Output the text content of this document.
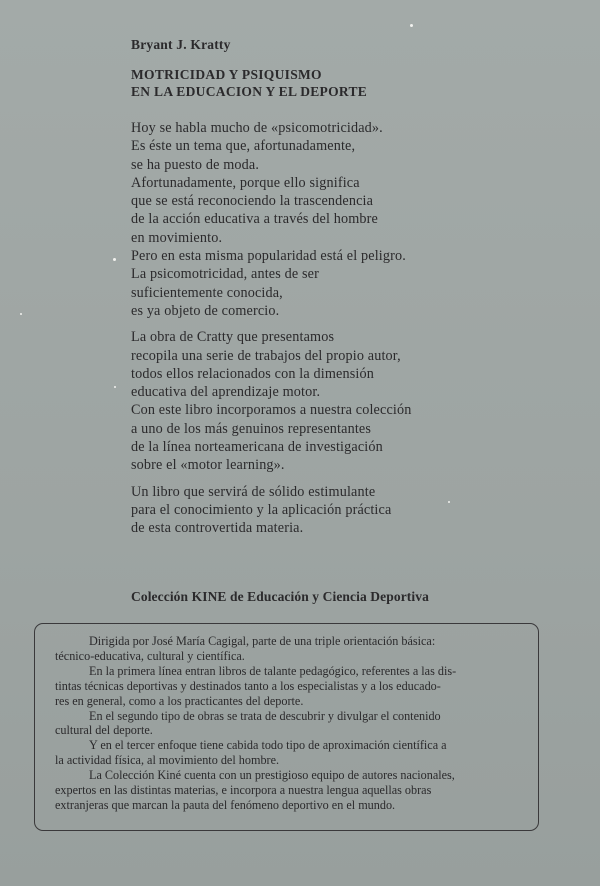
Bryant J. Kratty
MOTRICIDAD Y PSIQUISMO
EN LA EDUCACION Y EL DEPORTE

Hoy se habla mucho de «psicomotricidad».
Es éste un tema que, afortunadamente,
se ha puesto de moda.
Afortunadamente, porque ello significa
que se está reconociendo la trascendencia
de la acción educativa a través del hombre
en movimiento.
Pero en esta misma popularidad está el peligro.
La psicomotricidad, antes de ser
suficientemente conocida,
es ya objeto de comercio.

La obra de Cratty que presentamos
recopila una serie de trabajos del propio autor,
todos ellos relacionados con la dimensión
educativa del aprendizaje motor.
Con este libro incorporamos a nuestra colección
a uno de los más genuinos representantes
de la línea norteamericana de investigación
sobre el «motor learning».

Un libro que servirá de sólido estimulante
para el conocimiento y la aplicación práctica
de esta controvertida materia.

Colección KINE de Educación y Ciencia Deportiva

Dirigida por José María Cagigal, parte de una triple orientación básica:
técnico-educativa, cultural y científica.

En la primera línea entran libros de talante pedagógico, referentes a las dis-
tintas técnicas deportivas y destinados tanto a los especialistas y a los educado-
res en general, como a los practicantes del deporte.

En el segundo tipo de obras se trata de descubrir y divulgar el contenido
cultural del deporte.

Y en el tercer enfoque tiene cabida todo tipo de aproximación científica a
la actividad física, al movimiento del hombre.

La Colección Kiné cuenta con un prestigioso equipo de autores nacionales,
expertos en las distintas materias, e incorpora a nuestra lengua aquellas obras
extranjeras que marcan la pauta del fenómeno deportivo en el mundo.
